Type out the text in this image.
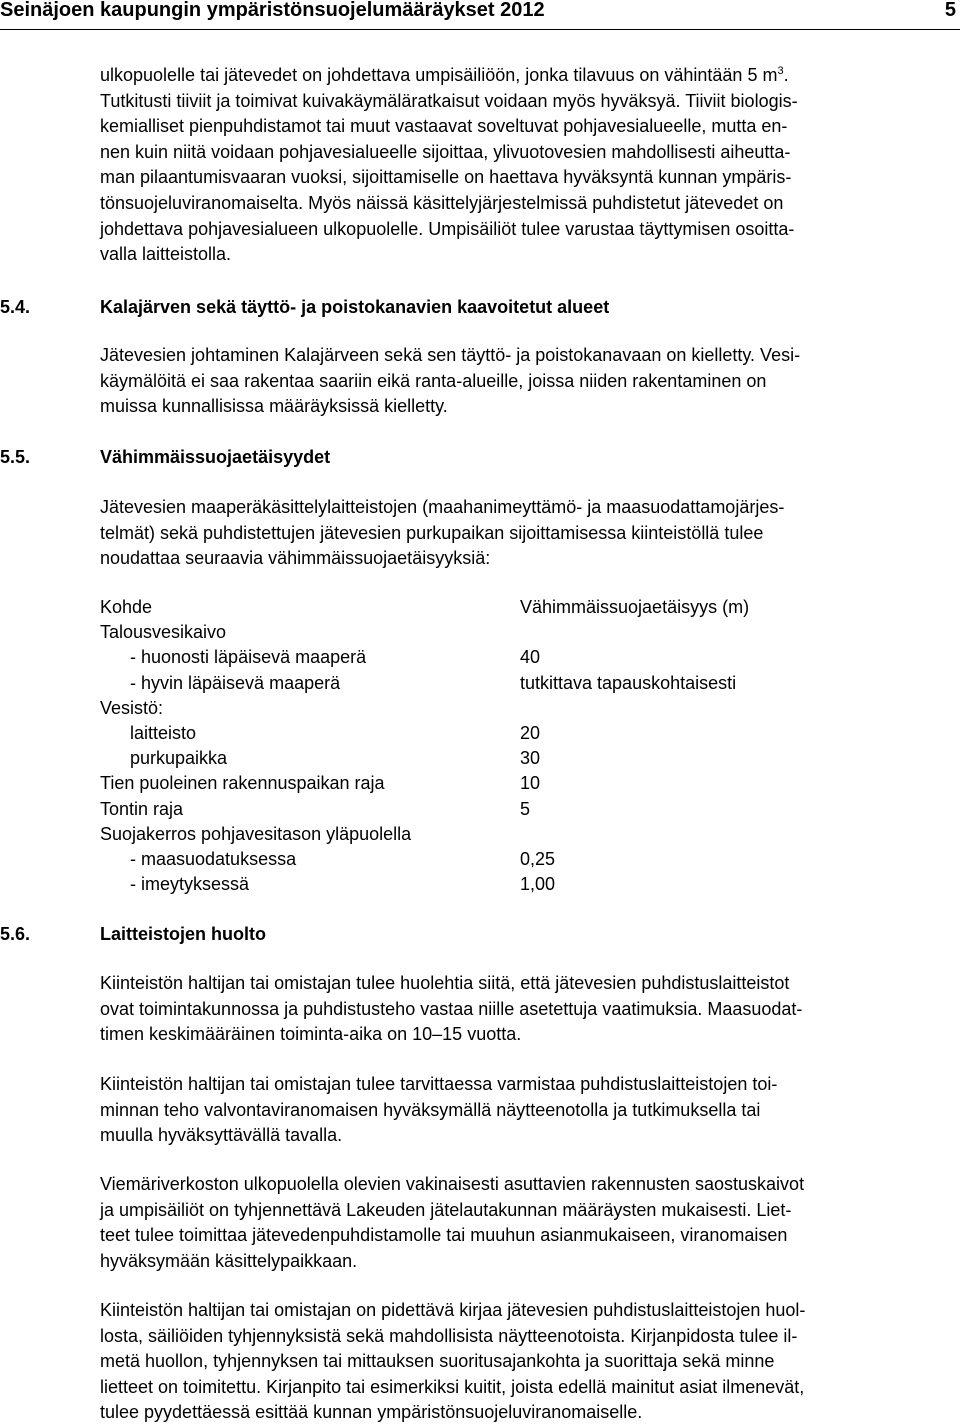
Seinäjoen kaupungin ympäristönsuojelumääräykset 2012	5
ulkopuolelle tai jätevedet on johdettava umpisäiliöön, jonka tilavuus on vähintään 5 $m^3$.
Tutkitusti tiiviit ja toimivat kuivakäymäläratkaisut voidaan myös hyväksyä. Tiiviit biologis-
kemialliset pienpuhdistamot tai muut vastaavat soveltuvat pohjavesialueelle, mutta en-
nen kuin niitä voidaan pohjavesialueelle sijoittaa, ylivuotovesien mahdollisesti aiheutta-
man pilaantumisvaaran vuoksi, sijoittamiselle on haettava hyväksyntä kunnan ympäris-
tönsuojeluviranomaiselta. Myös näissä käsittelyjärjestelmissä puhdistetut jätevedet on
johdettava pohjavesialueen ulkopuolelle. Umpisäiliöt tulee varustaa täyttymisen osoitta-
valla laitteistolla.
5.4.	Kalajärven sekä täyttö- ja poistokanavien kaavoitetut alueet
Jätevesien johtaminen Kalajärveen sekä sen täyttö- ja poistokanavaan on kielletty. Vesi-
käymälöitä ei saa rakentaa saariin eikä ranta-alueille, joissa niiden rakentaminen on
muissa kunnallisissa määräyksissä kielletty.
5.5.	Vähimmäissuojaetäisyydet
Jätevesien maaperäkäsittelylaitteistojen (maahanimeyttämö- ja maasuodattamojärjes-
telmät) sekä puhdistettujen jätevesien purkupaikan sijoittamisessa kiinteistöllä tulee
noudattaa seuraavia vähimmäissuojaetäisyyksiä:
Kohde	Vähimmäissuojaetäisyys (m)
Talousvesikaivo
- huonosti läpäisevä maaperä	40
- hyvin läpäisevä maaperä	tutkittava tapauskohtaisesti
Vesistö:
laitteisto	20
purkupaikka	30
Tien puoleinen rakennuspaikan raja	10
Tontin raja	5
Suojakerros pohjavesitason yläpuolella
- maasuodatuksessa	0,25
- imeytyksessä	1,00
5.6.	Laitteistojen huolto
Kiinteistön haltijan tai omistajan tulee huolehtia siitä, että jätevesien puhdistuslaitteistot
ovat toimintakunnossa ja puhdistusteho vastaa niille asetettuja vaatimuksia. Maasuodat-
timen keskimääräinen toiminta-aika on 10–15 vuotta.
Kiinteistön haltijan tai omistajan tulee tarvittaessa varmistaa puhdistuslaitteistojen toi-
minnan teho valvontaviranomaisen hyväksymällä näytteenotolla ja tutkimuksella tai
muulla hyväksyttävällä tavalla.
Viemäriverkoston ulkopuolella olevien vakinaisesti asuttavien rakennusten saostuskaivot
ja umpisäiliöt on tyhjennettävä Lakeuden jätelautakunnan määräysten mukaisesti. Liet-
teet tulee toimittaa jätevedenpuhdistamolle tai muuhun asianmukaiseen, viranomaisen
hyväksymään käsittelypaikkaan.
Kiinteistön haltijan tai omistajan on pidettävä kirjaa jätevesien puhdistuslaitteistojen huol-
losta, säiliöiden tyhjennyksistä sekä mahdollisista näytteenotoista. Kirjanpidosta tulee il-
metä huollon, tyhjennyksen tai mittauksen suoritusajankohta ja suorittaja sekä minne
lietteet on toimitettu. Kirjanpito tai esimerkiksi kuitit, joista edellä mainitut asiat ilmenevät,
tulee pyydettäessä esittää kunnan ympäristönsuojeluviranomaiselle.
